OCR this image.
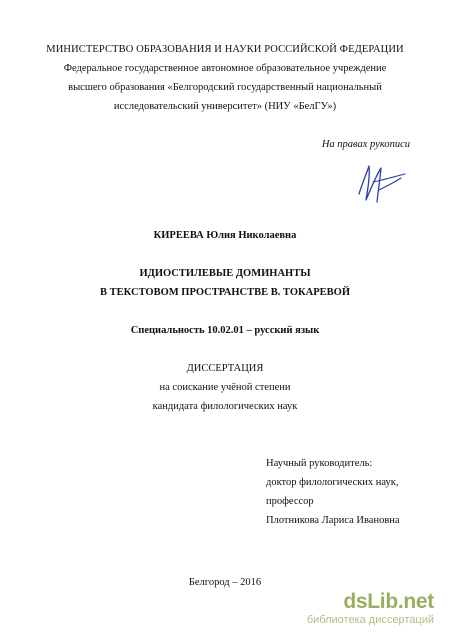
МИНИСТЕРСТВО ОБРАЗОВАНИЯ И НАУКИ РОССИЙСКОЙ ФЕДЕРАЦИИ
Федеральное государственное автономное образовательное учреждение
высшего образования «Белгородский государственный национальный
исследовательский университет» (НИУ «БелГУ»)
На правах рукописи
КИРЕЕВА Юлия Николаевна
ИДИОСТИЛЕВЫЕ ДОМИНАНТЫ
В ТЕКСТОВОМ ПРОСТРАНСТВЕ В. ТОКАРЕВОЙ
Специальность 10.02.01 – русский язык
ДИССЕРТАЦИЯ
на соискание учёной степени
кандидата филологических наук
Научный руководитель:
доктор филологических наук,
профессор
Плотникова Лариса Ивановна
Белгород – 2016
dsLib.net
библиотека диссертаций
